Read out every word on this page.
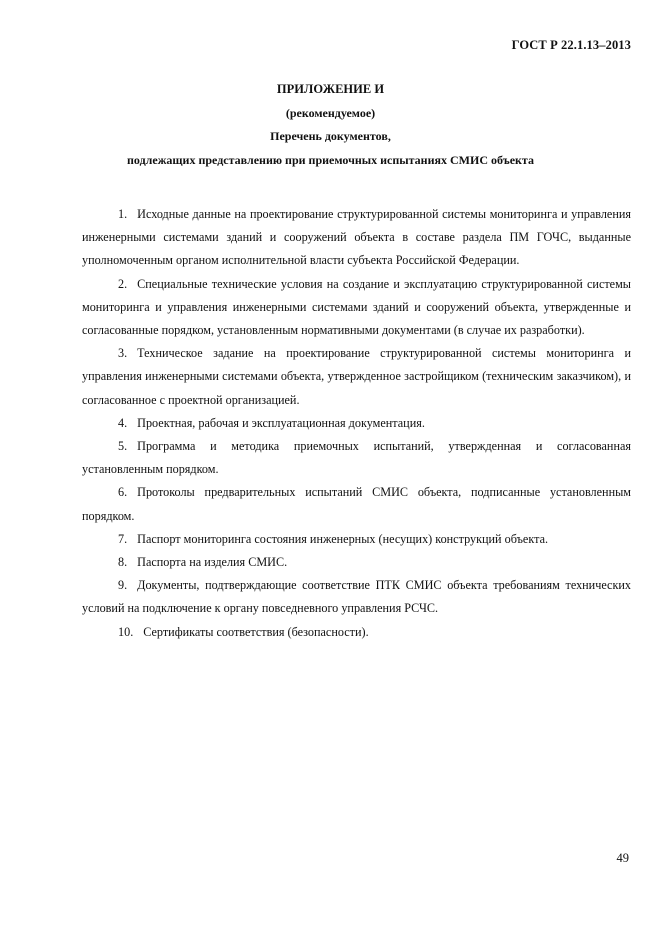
ГОСТ Р 22.1.13–2013
ПРИЛОЖЕНИЕ И
(рекомендуемое)
Перечень документов,
подлежащих представлению при приемочных испытаниях СМИС объекта

1. Исходные данные на проектирование структурированной системы мониторинга и управления инженерными системами зданий и сооружений объекта в составе раздела ПМ ГОЧС, выданные уполномоченным органом исполнительной власти субъекта Российской Федерации.

2. Специальные технические условия на создание и эксплуатацию структурированной системы мониторинга и управления инженерными системами зданий и сооружений объекта, утвержденные и согласованные порядком, установленным нормативными документами (в случае их разработки).

3. Техническое задание на проектирование структурированной системы мониторинга и управления инженерными системами объекта, утвержденное застройщиком (техническим заказчиком), и согласованное с проектной организацией.

4. Проектная, рабочая и эксплуатационная документация.

5. Программа и методика приемочных испытаний, утвержденная и согласованная установленным порядком.

6. Протоколы предварительных испытаний СМИС объекта, подписанные установленным порядком.

7. Паспорт мониторинга состояния инженерных (несущих) конструкций объекта.

8. Паспорта на изделия СМИС.

9. Документы, подтверждающие соответствие ПТК СМИС объекта требованиям технических условий на подключение к органу повседневного управления РСЧС.

10. Сертификаты соответствия (безопасности).

49
